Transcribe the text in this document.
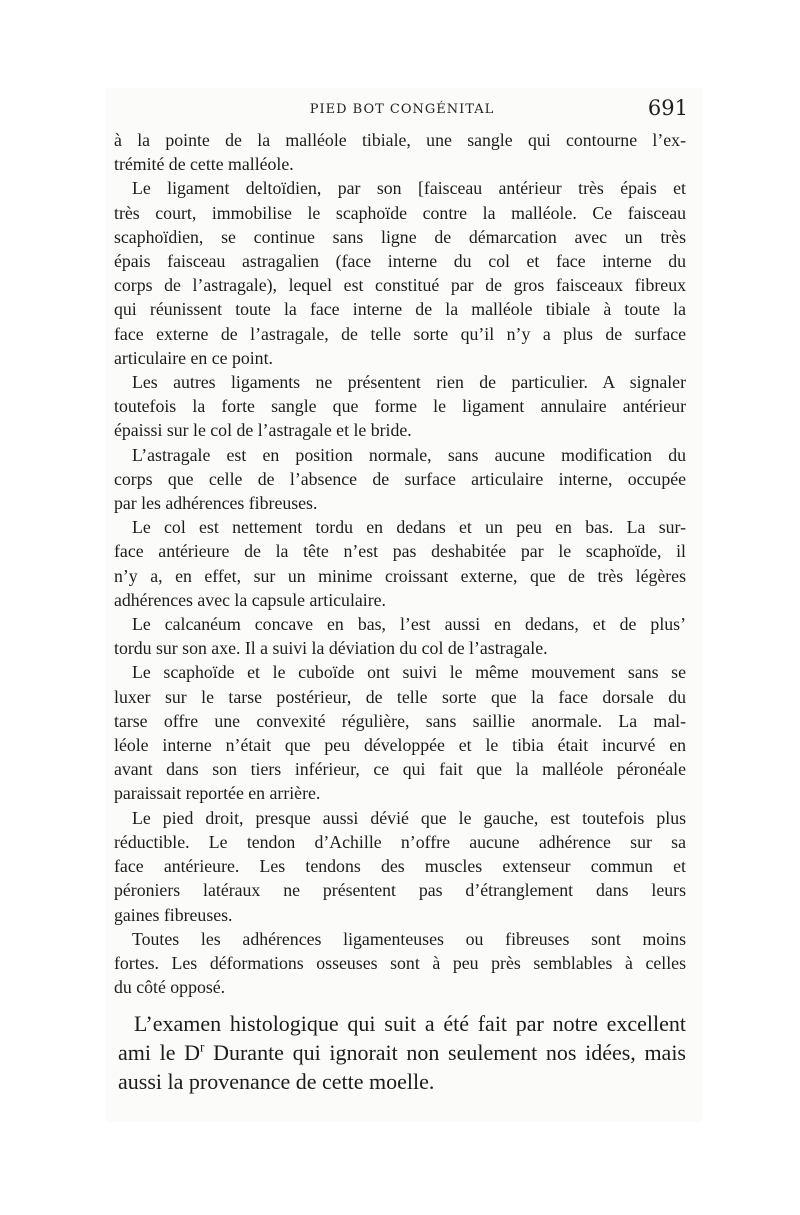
PIED BOT CONGÉNITAL	691

à la pointe de la malléole tibiale, une sangle qui contourne l’ex-

trémité de cette malléole.

Le ligament deltoïdien, par son [faisceau antérieur très épais et

très court, immobilise le scaphoïde contre la malléole. Ce faisceau

scaphoïdien, se continue sans ligne de démarcation avec un très

épais faisceau astragalien (face interne du col et face interne du

corps de l’astragale), lequel est constitué par de gros faisceaux fibreux

qui réunissent toute la face interne de la malléole tibiale à toute la

face externe de l’astragale, de telle sorte qu’il n’y a plus de surface

articulaire en ce point.

Les autres ligaments ne présentent rien de particulier. A signaler

toutefois la forte sangle que forme le ligament annulaire antérieur

épaissi sur le col de l’astragale et le bride.

L’astragale est en position normale, sans aucune modification du

corps que celle de l’absence de surface articulaire interne, occupée

par les adhérences fibreuses.

Le col est nettement tordu en dedans et un peu en bas. La sur-

face antérieure de la tête n’est pas deshabitée par le scaphoïde, il

n’y a, en effet, sur un minime croissant externe, que de très légères

adhérences avec la capsule articulaire.

Le calcanéum concave en bas, l’est aussi en dedans, et de plus’

tordu sur son axe. Il a suivi la déviation du col de l’astragale.

Le scaphoïde et le cuboïde ont suivi le même mouvement sans se

luxer sur le tarse postérieur, de telle sorte que la face dorsale du

tarse offre une convexité régulière, sans saillie anormale. La mal-

léole interne n’était que peu développée et le tibia était incurvé en

avant dans son tiers inférieur, ce qui fait que la malléole péronéale

paraissait reportée en arrière.

Le pied droit, presque aussi dévié que le gauche, est toutefois plus

réductible. Le tendon d’Achille n’offre aucune adhérence sur sa

face antérieure. Les tendons des muscles extenseur commun et

péroniers latéraux ne présentent pas d’étranglement dans leurs

gaines fibreuses.

Toutes les adhérences ligamenteuses ou fibreuses sont moins

fortes. Les déformations osseuses sont à peu près semblables à celles

du côté opposé.

L’examen histologique qui suit a été fait par notre excellent

ami le $D^r$ Durante qui ignorait non seulement nos idées, mais

aussi la provenance de cette moelle.
